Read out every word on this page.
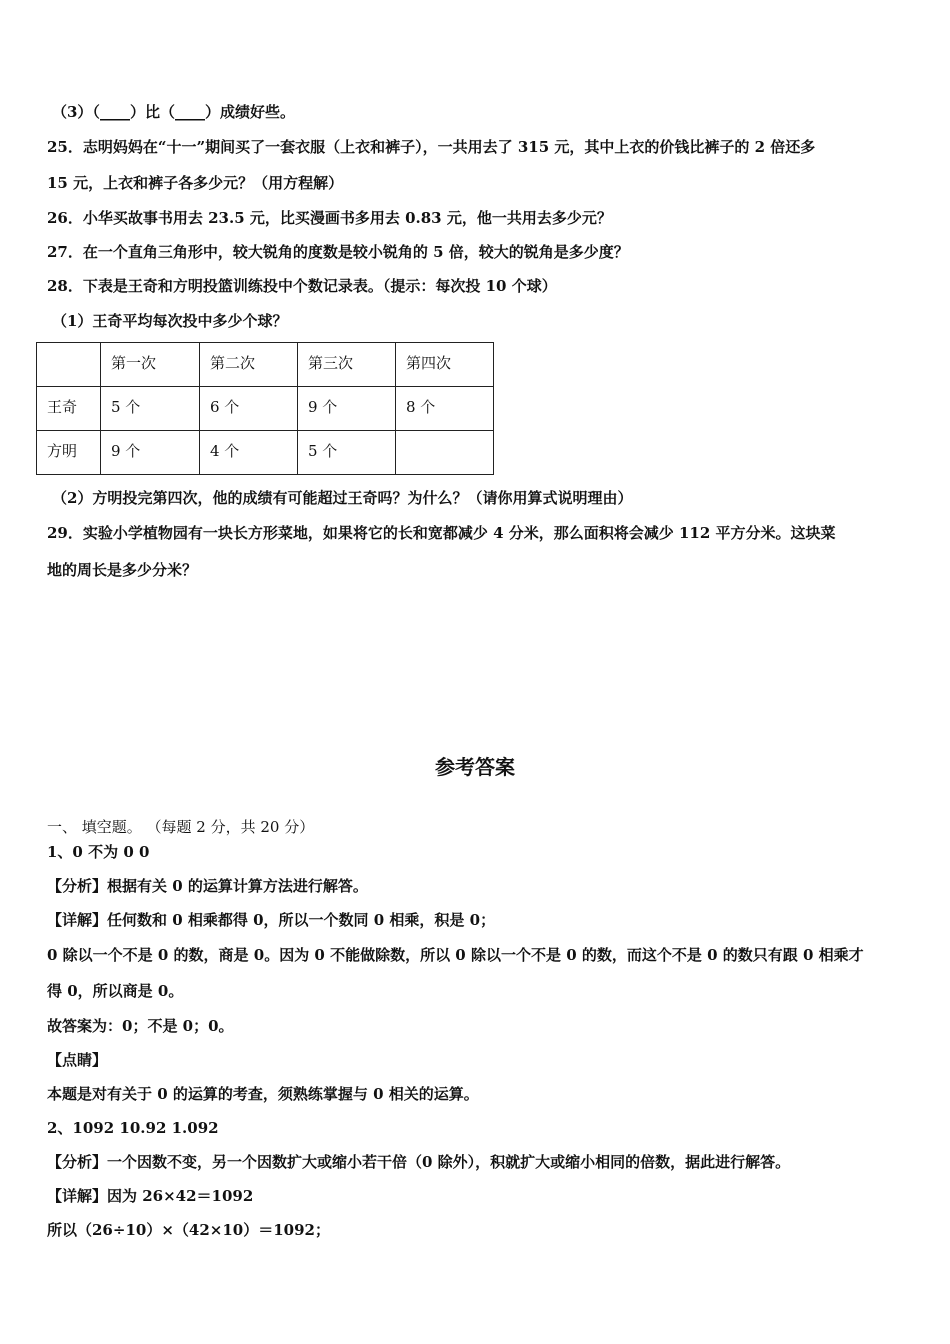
（3）（____）比（____）成绩好些。
25．志明妈妈在“十一”期间买了一套衣服（上衣和裤子），一共用去了 315 元，其中上衣的价钱比裤子的 2 倍还多
15 元，上衣和裤子各多少元？（用方程解）
26．小华买故事书用去 23.5 元，比买漫画书多用去 0.83 元，他一共用去多少元？
27．在一个直角三角形中，较大锐角的度数是较小锐角的 5 倍，较大的锐角是多少度？
28．下表是王奇和方明投篮训练投中个数记录表。（提示：每次投 10 个球）
（1）王奇平均每次投中多少个球？
	第一次	第二次	第三次	第四次
王奇	5 个	6 个	9 个	8 个
方明	9 个	4 个	5 个	
（2）方明投完第四次，他的成绩有可能超过王奇吗？为什么？（请你用算式说明理由）
29．实验小学植物园有一块长方形菜地，如果将它的长和宽都减少 4 分米，那么面积将会减少 112 平方分米。这块菜
地的周长是多少分米？
参考答案
一、 填空题。 （每题 2 分，共 20 分）
1、0 不为 0 0
【分析】根据有关 0 的运算计算方法进行解答。
【详解】任何数和 0 相乘都得 0，所以一个数同 0 相乘，积是 0；
0 除以一个不是 0 的数，商是 0。因为 0 不能做除数，所以 0 除以一个不是 0 的数，而这个不是 0 的数只有跟 0 相乘才
得 0，所以商是 0。
故答案为：0；不是 0；0。
【点睛】
本题是对有关于 0 的运算的考查，须熟练掌握与 0 相关的运算。
2、1092 10.92 1.092
【分析】一个因数不变，另一个因数扩大或缩小若干倍（0 除外），积就扩大或缩小相同的倍数，据此进行解答。
【详解】因为 26×42＝1092
所以（26÷10）×（42×10）＝1092；
